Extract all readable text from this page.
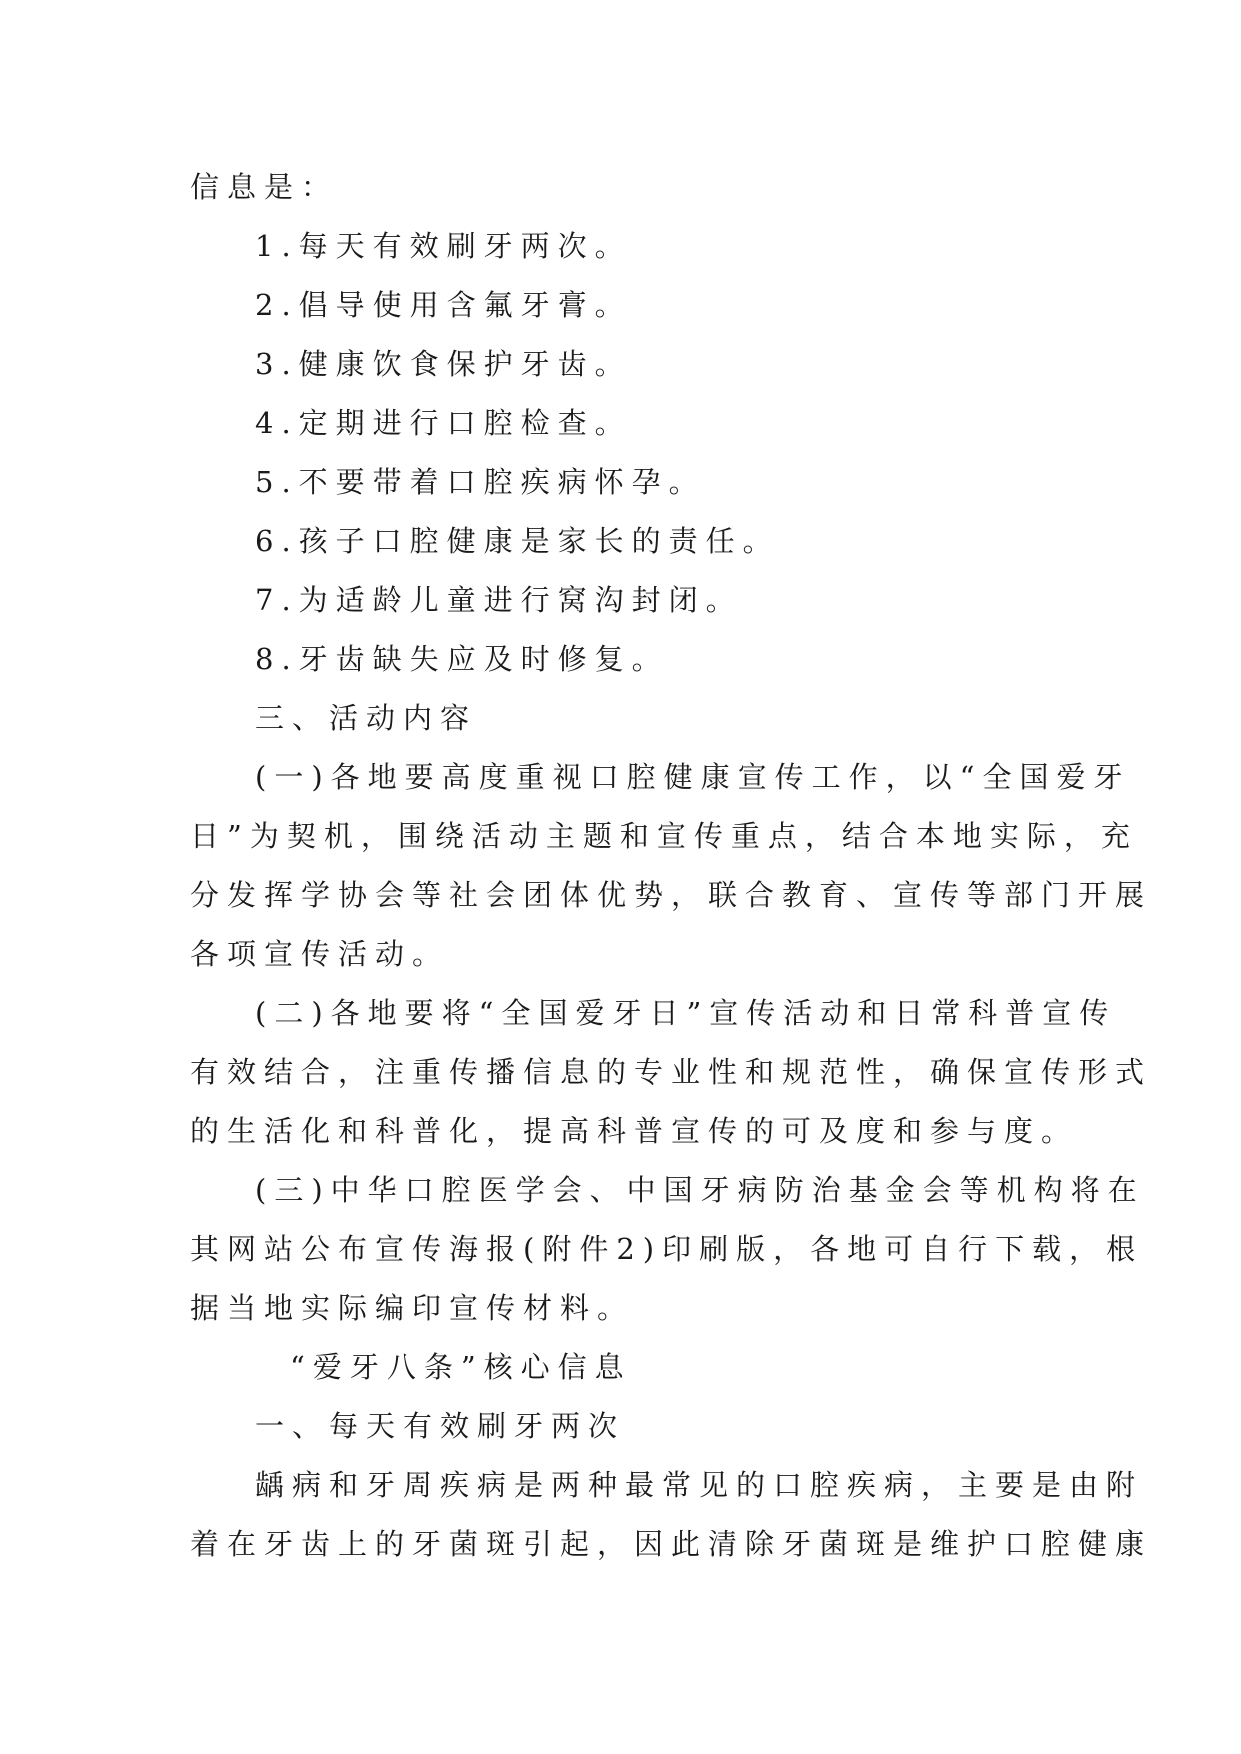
信息是：
1.每天有效刷牙两次。
2.倡导使用含氟牙膏。
3.健康饮食保护牙齿。
4.定期进行口腔检查。
5.不要带着口腔疾病怀孕。
6.孩子口腔健康是家长的责任。
7.为适龄儿童进行窝沟封闭。
8.牙齿缺失应及时修复。
三、活动内容
(一)各地要高度重视口腔健康宣传工作，以“全国爱牙
日”为契机，围绕活动主题和宣传重点，结合本地实际，充
分发挥学协会等社会团体优势，联合教育、宣传等部门开展
各项宣传活动。
(二)各地要将“全国爱牙日”宣传活动和日常科普宣传
有效结合，注重传播信息的专业性和规范性，确保宣传形式
的生活化和科普化，提高科普宣传的可及度和参与度。
(三)中华口腔医学会、中国牙病防治基金会等机构将在
其网站公布宣传海报(附件2)印刷版，各地可自行下载，根
据当地实际编印宣传材料。
“爱牙八条”核心信息
一、每天有效刷牙两次
龋病和牙周疾病是两种最常见的口腔疾病，主要是由附
着在牙齿上的牙菌斑引起，因此清除牙菌斑是维护口腔健康
